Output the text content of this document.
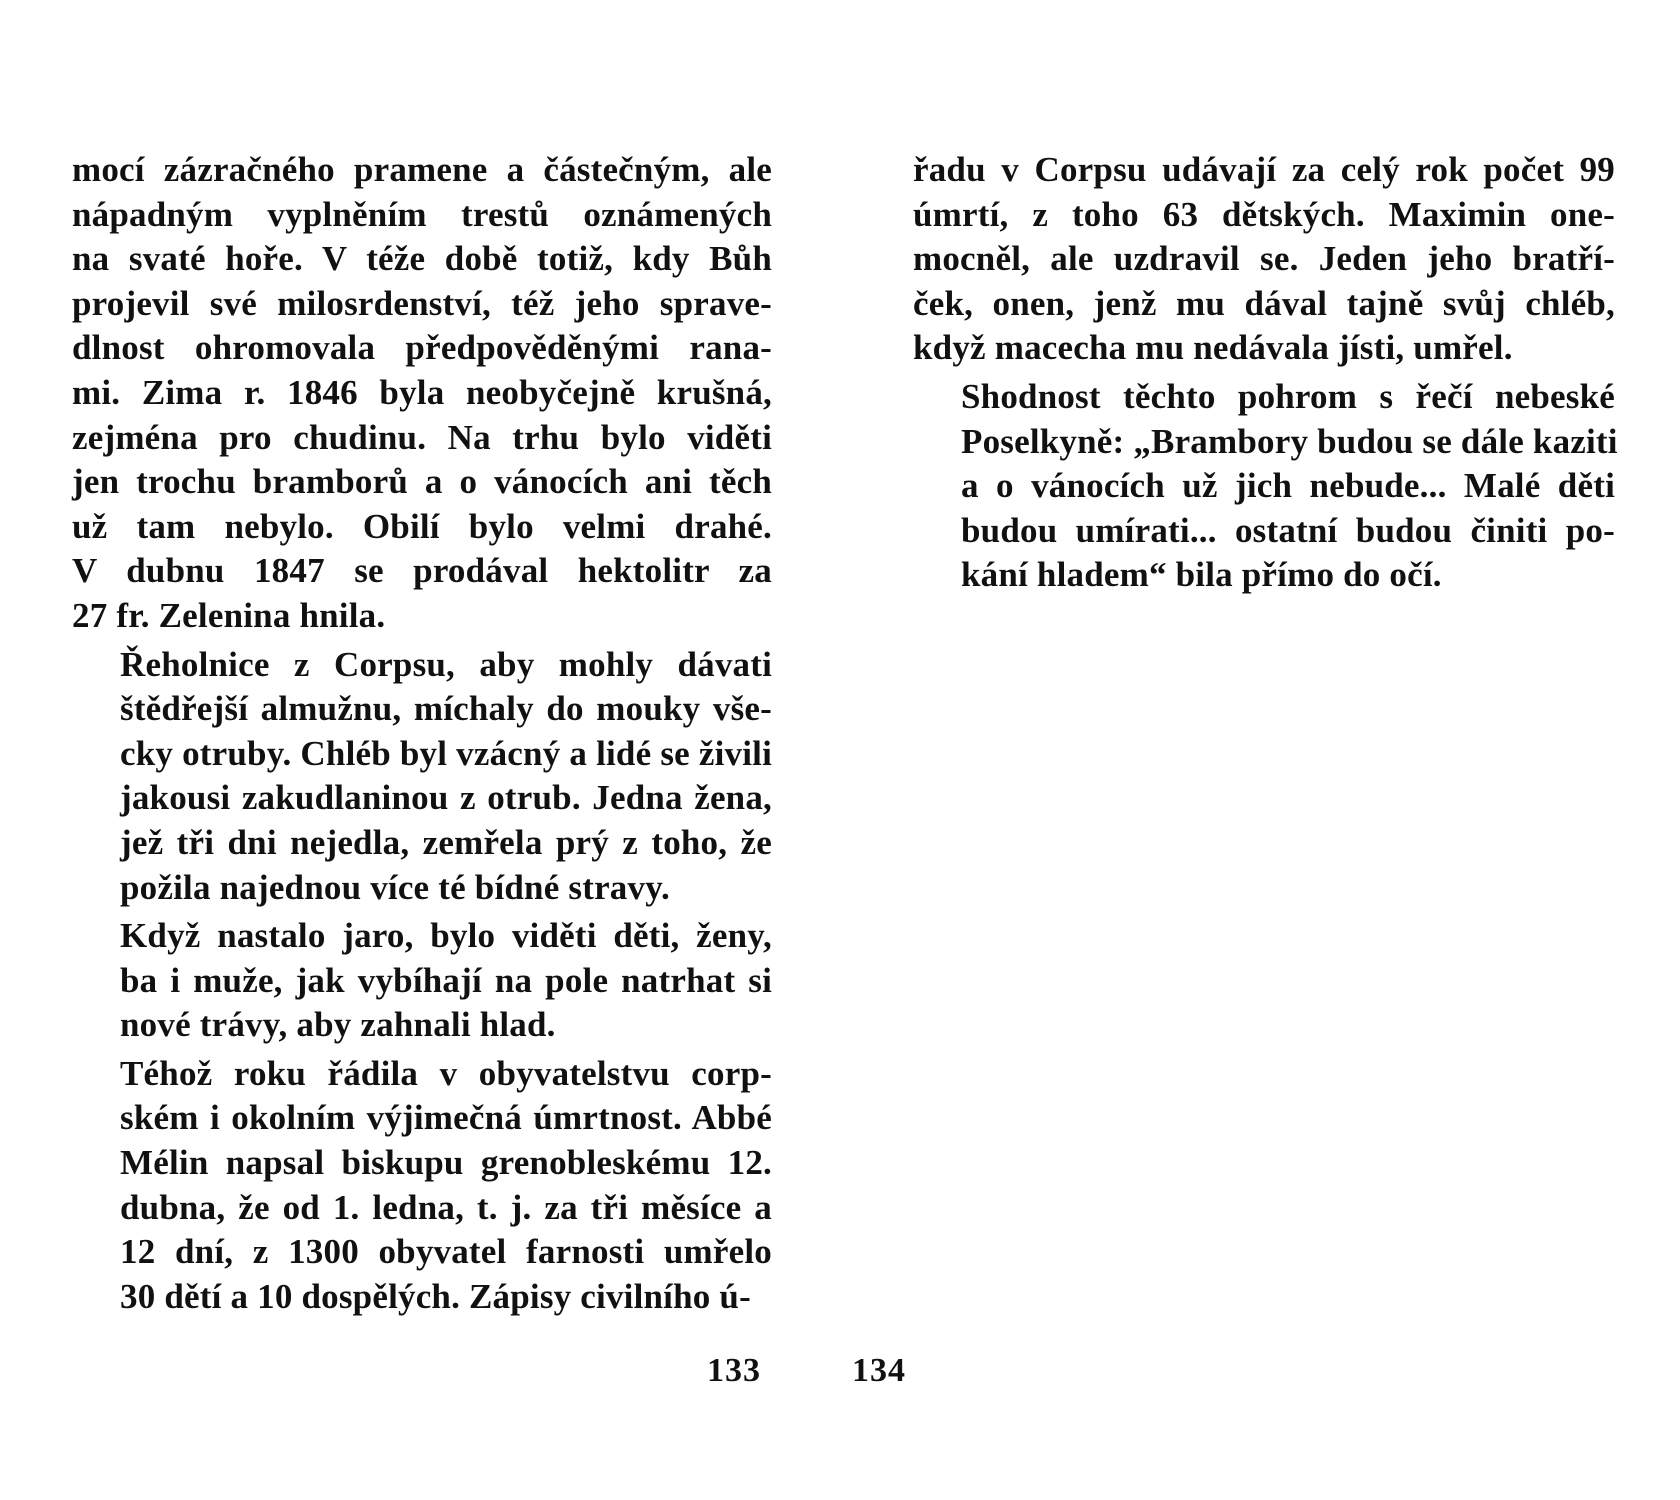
mocí zázračného pramene a částečným, ale
nápadným vyplněním trestů oznámených
na svaté hoře. V téže době totiž, kdy Bůh
projevil své milosrdenství, též jeho sprave-
dlnost ohromovala předpověděnými rana-
mi. Zima r. 1846 byla neobyčejně krušná,
zejména pro chudinu. Na trhu bylo viděti
jen trochu bramborů a o vánocích ani těch
už tam nebylo. Obilí bylo velmi drahé.
V dubnu 1847 se prodával hektolitr za
27 fr. Zelenina hnila.
Řeholnice z Corpsu, aby mohly dávati
štědřejší almužnu, míchaly do mouky vše-
cky otruby. Chléb byl vzácný a lidé se živili
jakousi zakudlaninou z otrub. Jedna žena,
jež tři dni nejedla, zemřela prý z toho, že
požila najednou více té bídné stravy.
Když nastalo jaro, bylo viděti děti, ženy,
ba i muže, jak vybíhají na pole natrhat si
nové trávy, aby zahnali hlad.
Téhož roku řádila v obyvatelstvu corp-
ském i okolním výjimečná úmrtnost. Abbé
Mélin napsal biskupu grenobleskému 12.
dubna, že od 1. ledna, t. j. za tři měsíce a
12 dní, z 1300 obyvatel farnosti umřelo
30 dětí a 10 dospělých. Zápisy civilního ú-
133
řadu v Corpsu udávají za celý rok počet 99
úmrtí, z toho 63 dětských. Maximin one-
mocněl, ale uzdravil se. Jeden jeho bratří-
ček, onen, jenž mu dával tajně svůj chléb,
když macecha mu nedávala jísti, umřel.
Shodnost těchto pohrom s řečí nebeské
Poselkyně: „Brambory budou se dále kaziti
a o vánocích už jich nebude... Malé děti
budou umírati... ostatní budou činiti po-
kání hladem“ bila přímo do očí.
134
